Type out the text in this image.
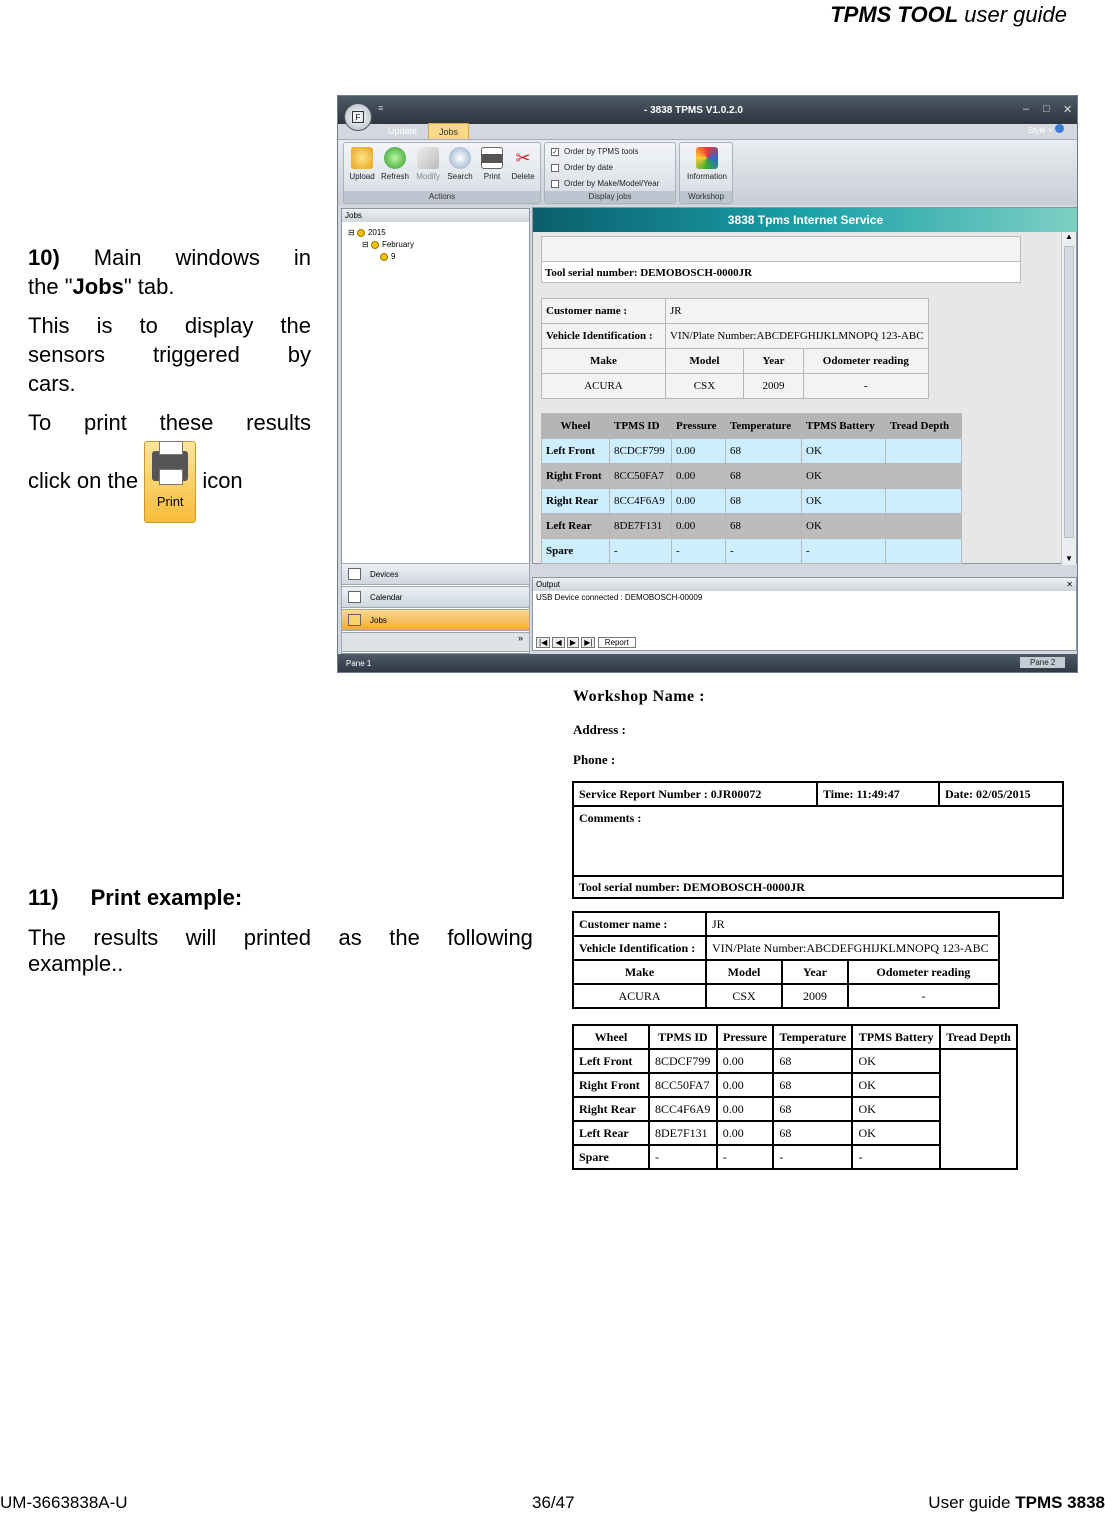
TPMS TOOL user guide
10) Main windows in
the "Jobs" tab.
This is to display the
sensors triggered by
cars.
To print these results
click on the
Print
icon
≡	- 3838 TPMS V1.0.2.0	– □ ✕
F
Update	Jobs	Style ˅
Upload Refresh Modify Search	Print
✂
Delete
Actions
✓ Order by TPMS tools
Order by date
Order by Make/Model/Year
Display jobs
Information
Workshop
Jobs
⊟ 2015
⊟ February
9
Devices
Calendar
Jobs
»
3838 Tpms Internet Service
Tool serial number: DEMOBOSCH-0000JR
Customer name :	JR		
Vehicle Identification :	VIN/Plate Number:ABCDEFGHIJKLMNOPQ 123-ABC		
Make	Model	Year	Odometer reading
ACURA	CSX	2009	-
Wheel	TPMS ID	Pressure	Temperature	TPMS Battery	Tread Depth
Left Front	8CDCF799	0.00	68	OK	
Right Front	8CC50FA7	0.00	68	OK	
Right Rear	8CC4F6A9	0.00	68	OK	
Left Rear	8DE7F131	0.00	68	OK	
Spare	-	-	-	-	
▲
▼
Output	✕
USB Device connected : DEMOBOSCH-00009
|◀ ◀ ▶ ▶| Report
Pane 1	Pane 2
11) Print example:
The results will printed as the following
example..
Workshop Name :
Address :
Phone :
Service Report Number : 0JR00072	Time: 11:49:47	Date: 02/05/2015
Comments :
Tool serial number: DEMOBOSCH-0000JR
Customer name :	JR		
Vehicle Identification :	VIN/Plate Number:ABCDEFGHIJKLMNOPQ 123-ABC		
Make	Model	Year	Odometer reading
ACURA	CSX	2009	-
Wheel	TPMS ID	Pressure	Temperature	TPMS Battery	Tread Depth
Left Front	8CDCF799	0.00	68	OK	
Right Front	8CC50FA7	0.00	68	OK	
Right Rear	8CC4F6A9	0.00	68	OK	
Left Rear	8DE7F131	0.00	68	OK	
Spare	-	-	-	-	
UM-3663838A-U	36/47	User guide TPMS 3838
